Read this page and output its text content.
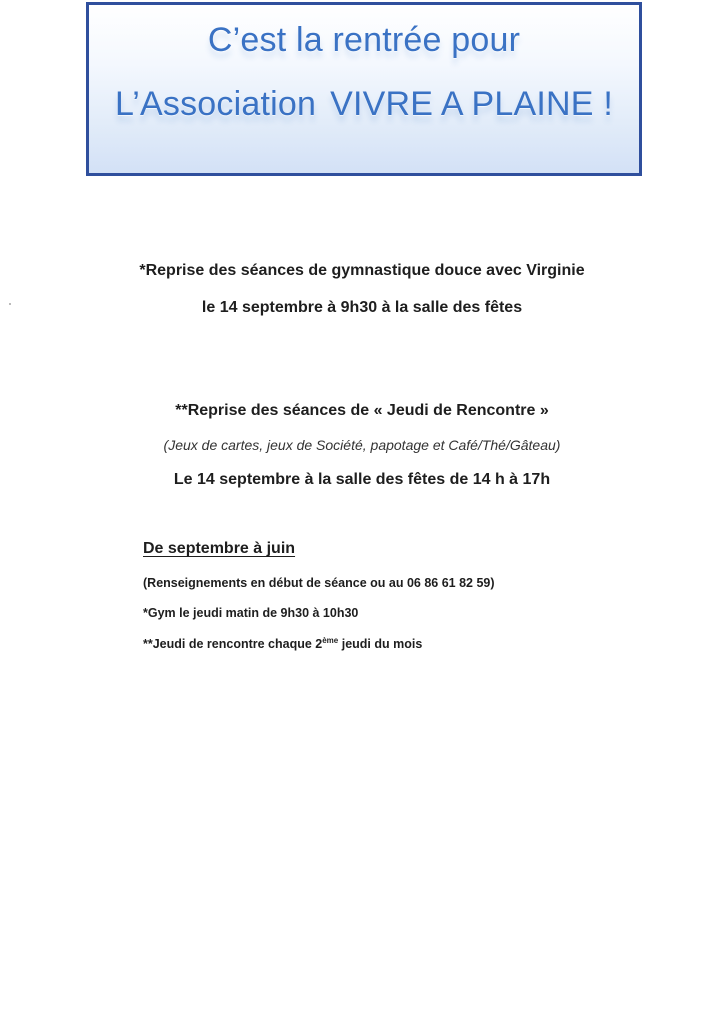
C’est la rentrée pour
L’Association VIVRE A PLAINE !
*Reprise des séances de gymnastique douce avec Virginie
le 14 septembre à 9h30 à la salle des fêtes
**Reprise des séances de « Jeudi de Rencontre »
(Jeux de cartes, jeux de Société, papotage et Café/Thé/Gâteau)
Le 14 septembre à la salle des fêtes de 14 h à 17h
De septembre à juin
(Renseignements en début de séance ou au 06 86 61 82 59)
*Gym le jeudi matin de 9h30 à 10h30
**Jeudi de rencontre chaque 2ème jeudi du mois
